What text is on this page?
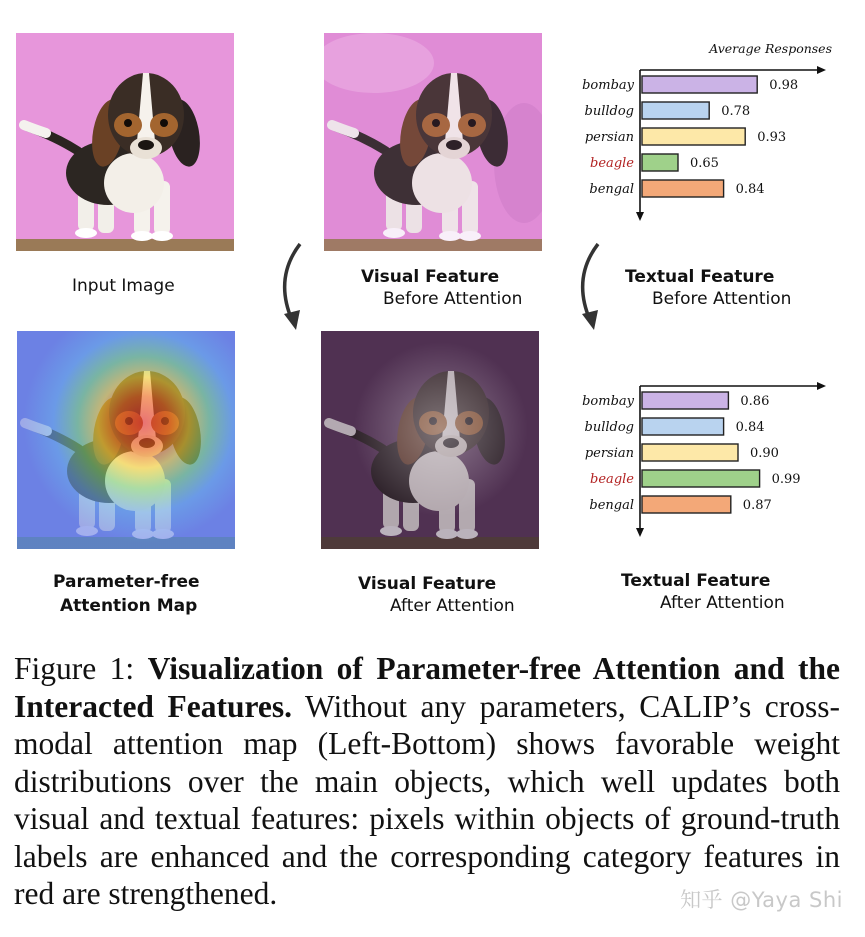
Input Image	Visual Feature
Before Attention
Textual Feature
Before Attention
Parameter-free
Attention Map
Visual Feature
After Attention
Textual Feature
After Attention
Average Responses
bombay	0.98
bulldog	0.78
persian	0.93
beagle	0.65
bengal	0.84
bombay	0.86
bulldog	0.84
persian	0.90
beagle	0.99
bengal	0.87
Figure 1: Visualization of Parameter-free Attention and the Interacted Features. Without any parameters, CALIP’s cross-modal attention map (Left-Bottom) shows favorable weight distributions over the main objects, which well updates both visual and textual features: pixels within objects of ground-truth labels are enhanced and the corresponding category features in red are strengthened.	知乎 @Yaya Shi
